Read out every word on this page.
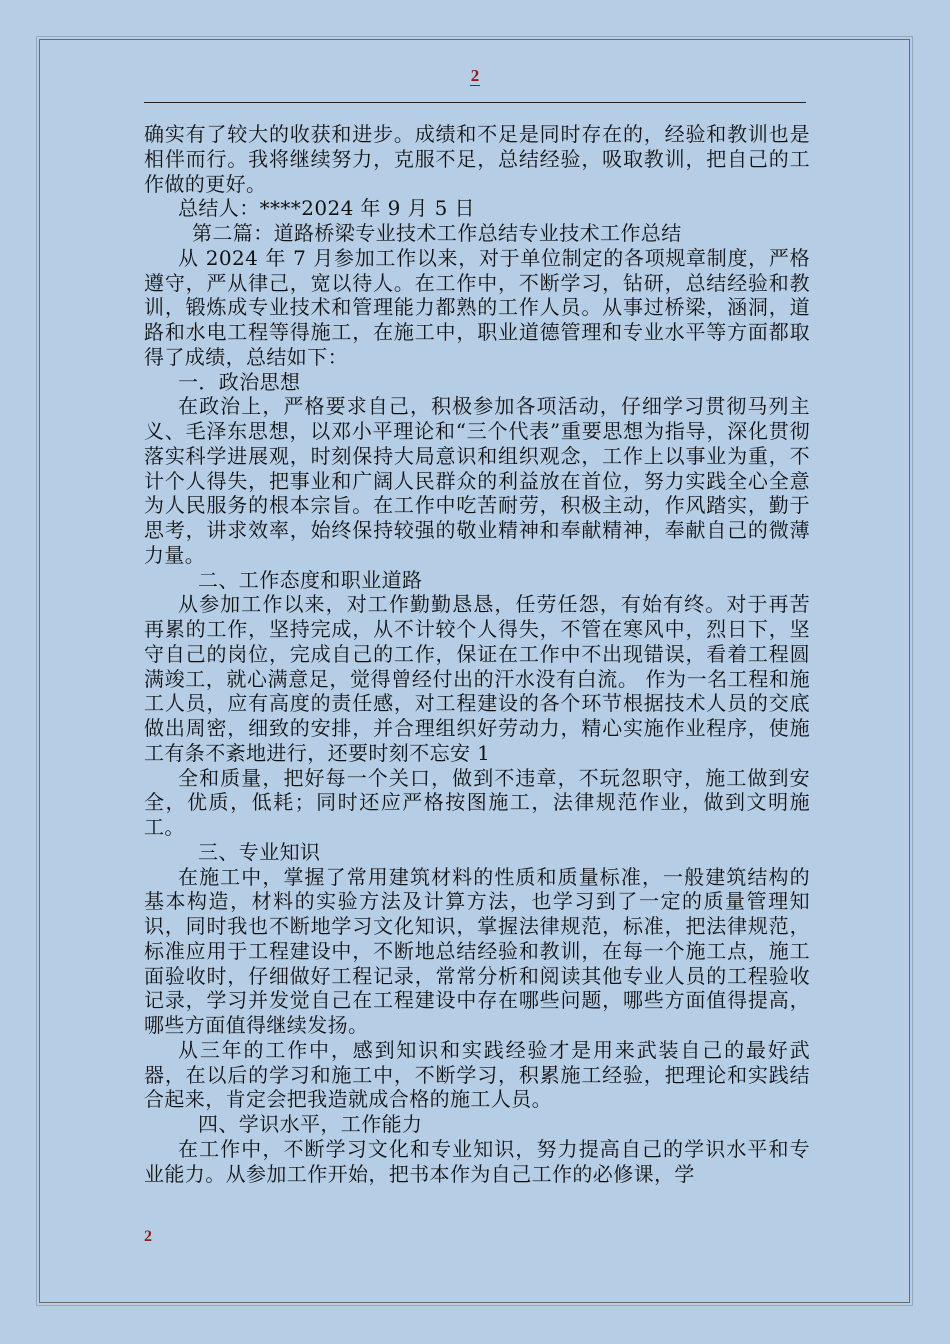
2

确实有了较大的收获和进步。成绩和不足是同时存在的，经验和教训也是相伴而行。我将继续努力，克服不足，总结经验，吸取教训，把自己的工作做的更好。

总结人：****2024 年 9 月 5 日

第二篇：道路桥梁专业技术工作总结专业技术工作总结

从 2024 年 7 月参加工作以来，对于单位制定的各项规章制度，严格遵守，严从律己，宽以待人。在工作中，不断学习，钻研，总结经验和教训，锻炼成专业技术和管理能力都熟的工作人员。从事过桥梁，涵洞，道路和水电工程等得施工，在施工中，职业道德管理和专业水平等方面都取得了成绩，总结如下：

一．政治思想

在政治上，严格要求自己，积极参加各项活动，仔细学习贯彻马列主义、毛泽东思想，以邓小平理论和“三个代表”重要思想为指导，深化贯彻落实科学进展观，时刻保持大局意识和组织观念，工作上以事业为重，不计个人得失，把事业和广阔人民群众的利益放在首位，努力实践全心全意为人民服务的根本宗旨。在工作中吃苦耐劳，积极主动，作风踏实，勤于思考，讲求效率，始终保持较强的敬业精神和奉献精神，奉献自己的微薄力量。

二、工作态度和职业道路

从参加工作以来，对工作勤勤恳恳，任劳任怨，有始有终。对于再苦再累的工作，坚持完成，从不计较个人得失，不管在寒风中，烈日下，坚守自己的岗位，完成自己的工作，保证在工作中不出现错误，看着工程圆满竣工，就心满意足，觉得曾经付出的汗水没有白流。 作为一名工程和施工人员，应有高度的责任感，对工程建设的各个环节根据技术人员的交底做出周密，细致的安排，并合理组织好劳动力，精心实施作业程序，使施工有条不紊地进行，还要时刻不忘安 1

全和质量，把好每一个关口，做到不违章，不玩忽职守，施工做到安全，优质，低耗；同时还应严格按图施工，法律规范作业，做到文明施工。

三、专业知识

在施工中，掌握了常用建筑材料的性质和质量标准，一般建筑结构的基本构造，材料的实验方法及计算方法，也学习到了一定的质量管理知识，同时我也不断地学习文化知识，掌握法律规范，标准，把法律规范，标准应用于工程建设中，不断地总结经验和教训，在每一个施工点，施工面验收时，仔细做好工程记录，常常分析和阅读其他专业人员的工程验收记录，学习并发觉自己在工程建设中存在哪些问题，哪些方面值得提高，哪些方面值得继续发扬。

从三年的工作中，感到知识和实践经验才是用来武装自己的最好武器，在以后的学习和施工中，不断学习，积累施工经验，把理论和实践结合起来，肯定会把我造就成合格的施工人员。

四、学识水平，工作能力

在工作中，不断学习文化和专业知识，努力提高自己的学识水平和专业能力。从参加工作开始，把书本作为自己工作的必修课，学

2
